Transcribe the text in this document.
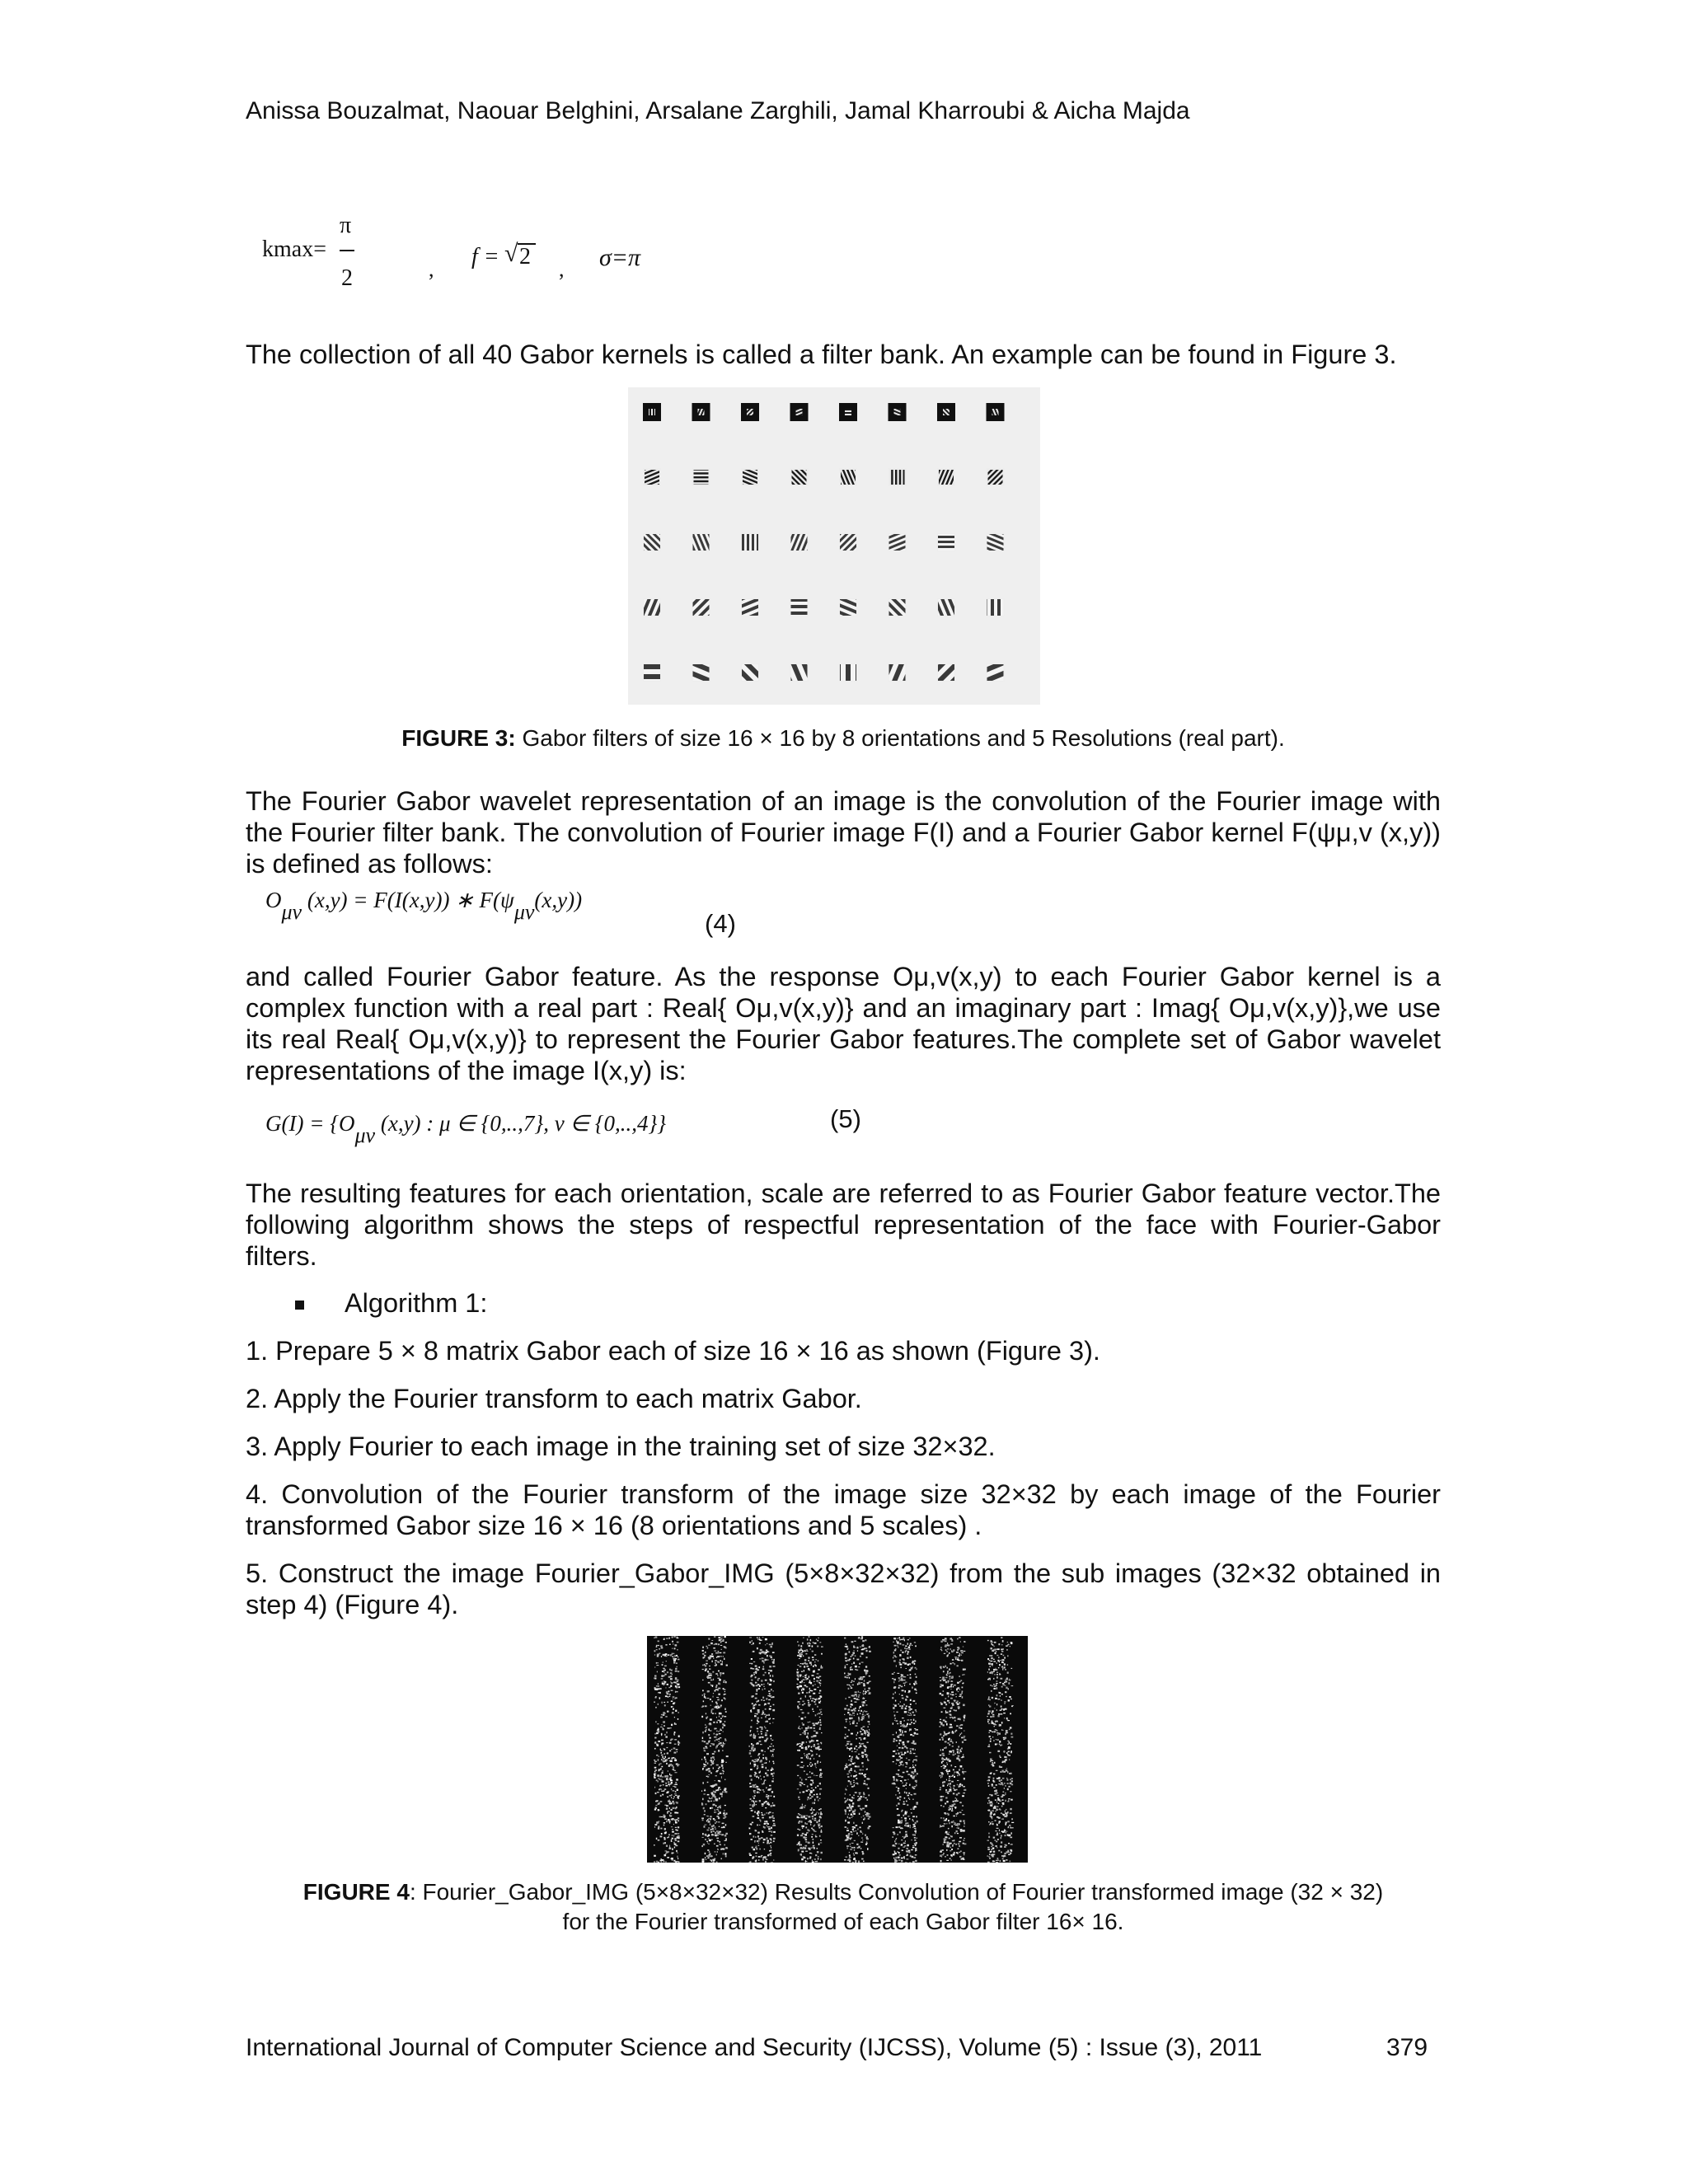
Anissa Bouzalmat, Naouar Belghini, Arsalane Zarghili, Jamal Kharroubi & Aicha Majda
kmax=
π
2	, f = √ 2 , σ=π
The collection of all 40 Gabor kernels is called a filter bank. An example can be found in Figure 3.
FIGURE 3: Gabor filters of size 16 × 16 by 8 orientations and 5 Resolutions (real part).
The Fourier Gabor wavelet representation of an image is the convolution of the Fourier image with the Fourier filter bank. The convolution of Fourier image F(I) and a Fourier Gabor kernel F(ψμ,v (x,y)) is defined as follows:
Oμν (x,y) = F(I(x,y)) ∗ F(ψμν(x,y))
(4)
and called Fourier Gabor feature. As the response Oμ,v(x,y) to each Fourier Gabor kernel is a complex function with a real part : Real{ Oμ,v(x,y)} and an imaginary part : Imag{ Oμ,v(x,y)},we use its real Real{ Oμ,v(x,y)} to represent the Fourier Gabor features.The complete set of Gabor wavelet representations of the image I(x,y) is:
G(I) = {Oμν (x,y) : μ ∈ {0,..,7}, ν ∈ {0,..,4}}	(5)
The resulting features for each orientation, scale are referred to as Fourier Gabor feature vector.The following algorithm shows the steps of respectful representation of the face with Fourier-Gabor filters.
Algorithm 1:
1. Prepare 5 × 8 matrix Gabor each of size 16 × 16 as shown (Figure 3).
2. Apply the Fourier transform to each matrix Gabor.
3. Apply Fourier to each image in the training set of size 32×32.
4. Convolution of the Fourier transform of the image size 32×32 by each image of the Fourier transformed Gabor size 16 × 16 (8 orientations and 5 scales) .
5. Construct the image Fourier_Gabor_IMG (5×8×32×32) from the sub images (32×32 obtained in step 4) (Figure 4).
FIGURE 4: Fourier_Gabor_IMG (5×8×32×32) Results Convolution of Fourier transformed image (32 × 32)
for the Fourier transformed of each Gabor filter 16× 16.
International Journal of Computer Science and Security (IJCSS), Volume (5) : Issue (3), 2011	379
